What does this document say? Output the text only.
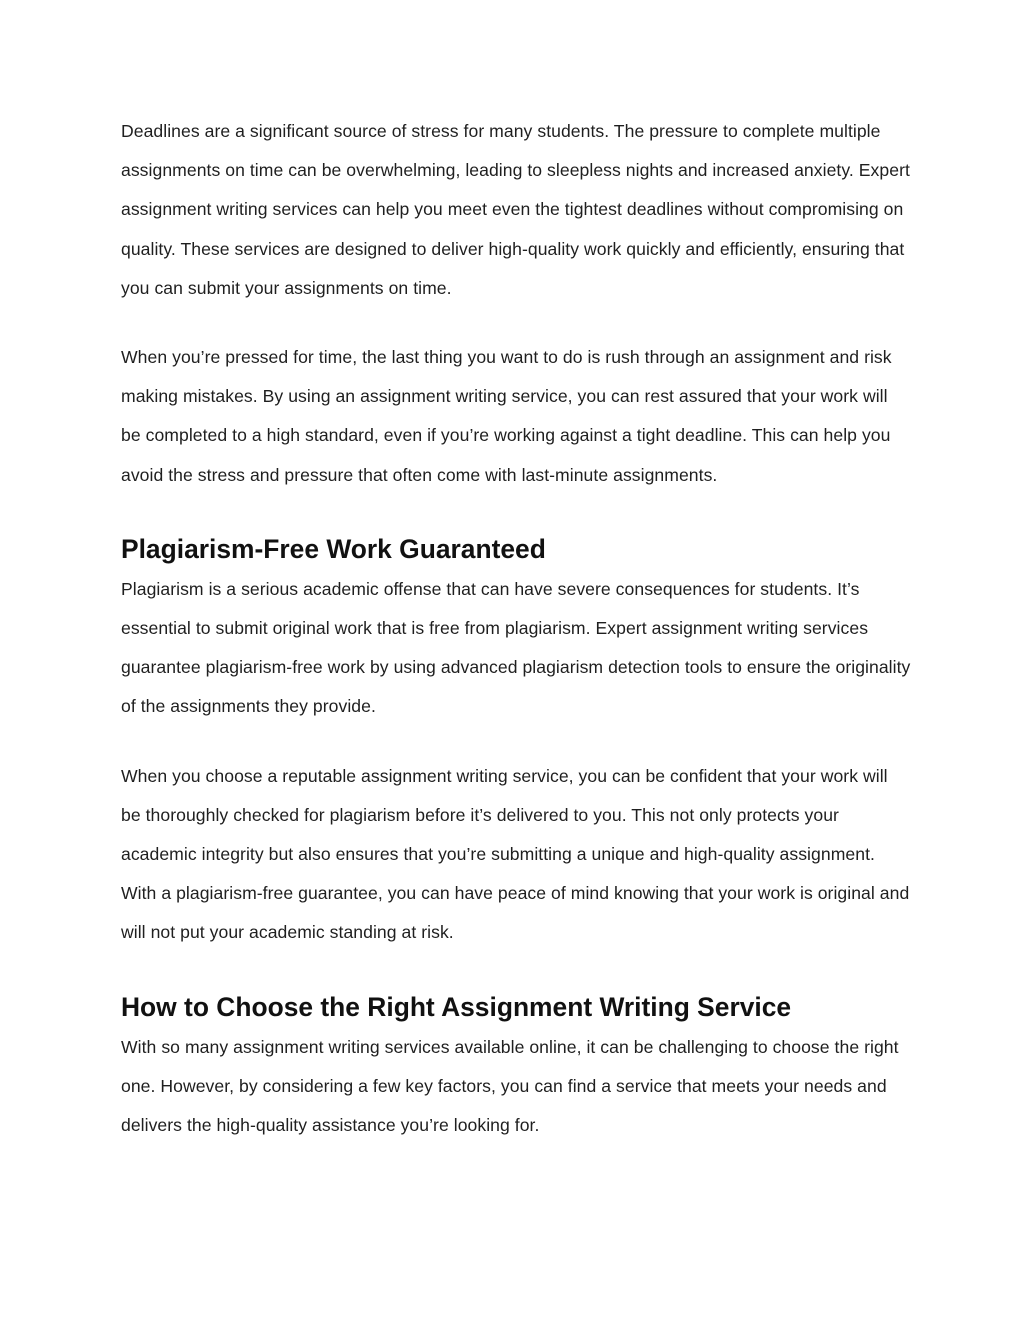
Deadlines are a significant source of stress for many students. The pressure to complete multiple assignments on time can be overwhelming, leading to sleepless nights and increased anxiety. Expert assignment writing services can help you meet even the tightest deadlines without compromising on quality. These services are designed to deliver high-quality work quickly and efficiently, ensuring that you can submit your assignments on time.

When you’re pressed for time, the last thing you want to do is rush through an assignment and risk making mistakes. By using an assignment writing service, you can rest assured that your work will be completed to a high standard, even if you’re working against a tight deadline. This can help you avoid the stress and pressure that often come with last-minute assignments.

Plagiarism-Free Work Guaranteed

Plagiarism is a serious academic offense that can have severe consequences for students. It’s essential to submit original work that is free from plagiarism. Expert assignment writing services guarantee plagiarism-free work by using advanced plagiarism detection tools to ensure the originality of the assignments they provide.

When you choose a reputable assignment writing service, you can be confident that your work will be thoroughly checked for plagiarism before it’s delivered to you. This not only protects your academic integrity but also ensures that you’re submitting a unique and high-quality assignment. With a plagiarism-free guarantee, you can have peace of mind knowing that your work is original and will not put your academic standing at risk.

How to Choose the Right Assignment Writing Service

With so many assignment writing services available online, it can be challenging to choose the right one. However, by considering a few key factors, you can find a service that meets your needs and delivers the high-quality assistance you’re looking for.
